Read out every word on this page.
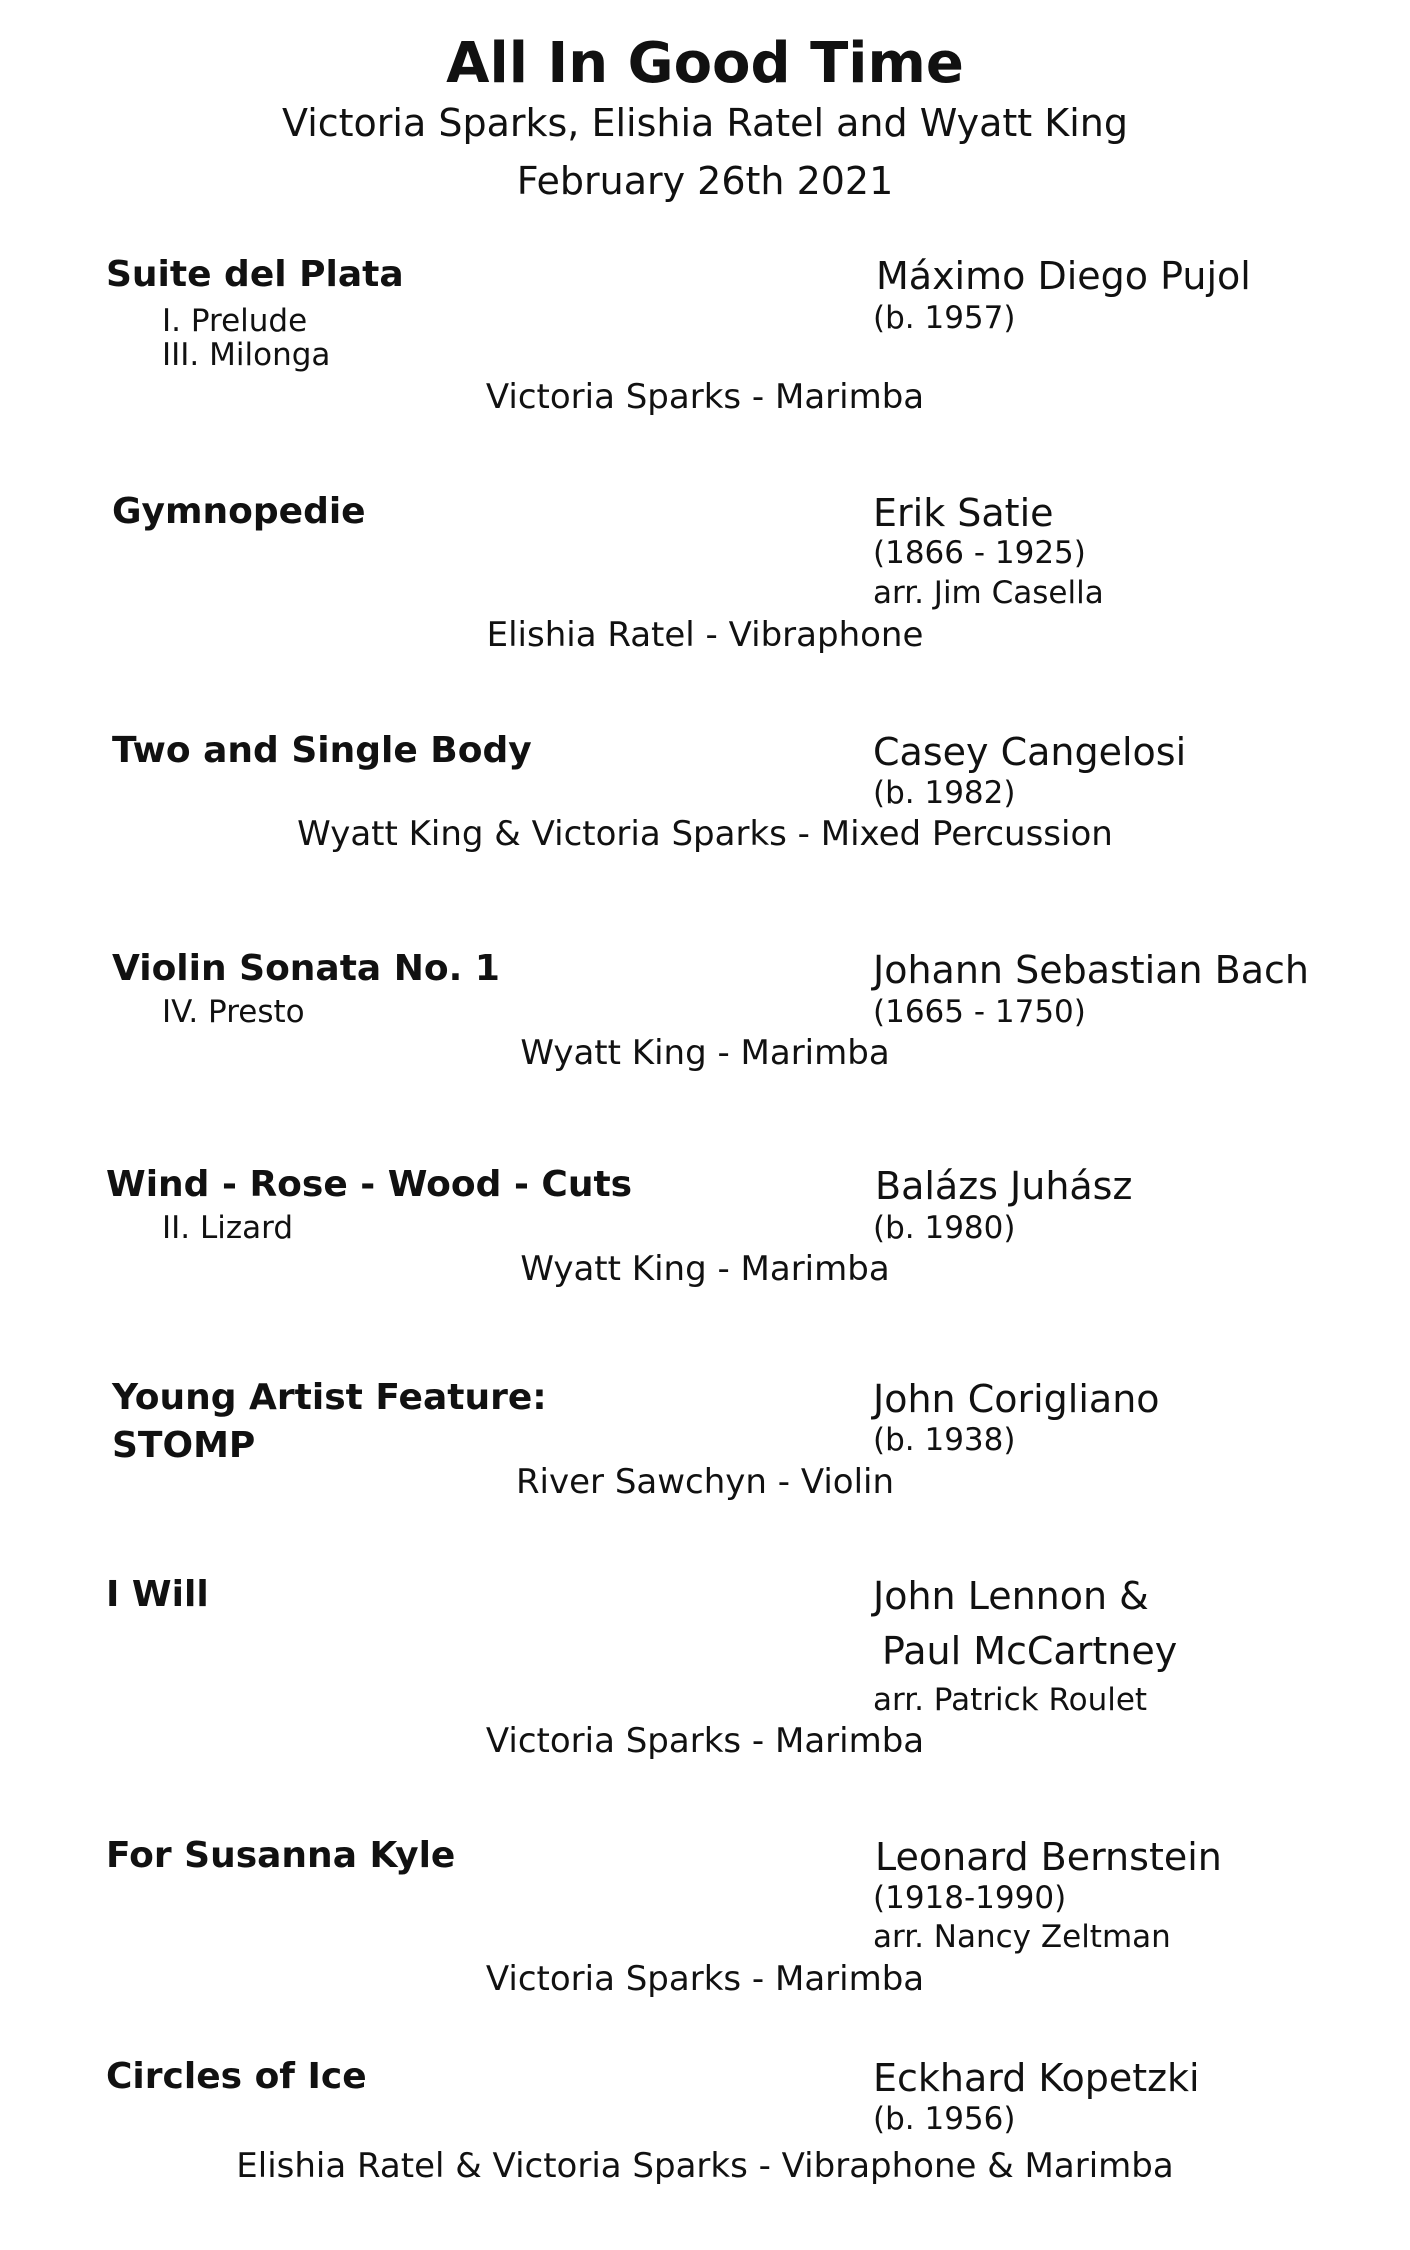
All In Good Time
Victoria Sparks, Elishia Ratel and Wyatt King
February 26th 2021
Suite del Plata
I. Prelude
III. Milonga
Máximo Diego Pujol
(b. 1957)
Victoria Sparks - Marimba
Gymnopedie	Erik Satie
(1866 - 1925)
arr. Jim Casella
Elishia Ratel - Vibraphone
Two and Single Body	Casey Cangelosi
(b. 1982)
Wyatt King & Victoria Sparks - Mixed Percussion
Violin Sonata No. 1
IV. Presto
Johann Sebastian Bach
(1665 - 1750)
Wyatt King - Marimba
Wind - Rose - Wood - Cuts
II. Lizard
Balázs Juhász
(b. 1980)
Wyatt King - Marimba
Young Artist Feature:
STOMP
John Corigliano
(b. 1938)
River Sawchyn - Violin
I Will	John Lennon &
Paul McCartney
arr. Patrick Roulet
Victoria Sparks - Marimba
For Susanna Kyle	Leonard Bernstein
(1918-1990)
arr. Nancy Zeltman
Victoria Sparks - Marimba
Circles of Ice	Eckhard Kopetzki
(b. 1956)
Elishia Ratel & Victoria Sparks - Vibraphone & Marimba
